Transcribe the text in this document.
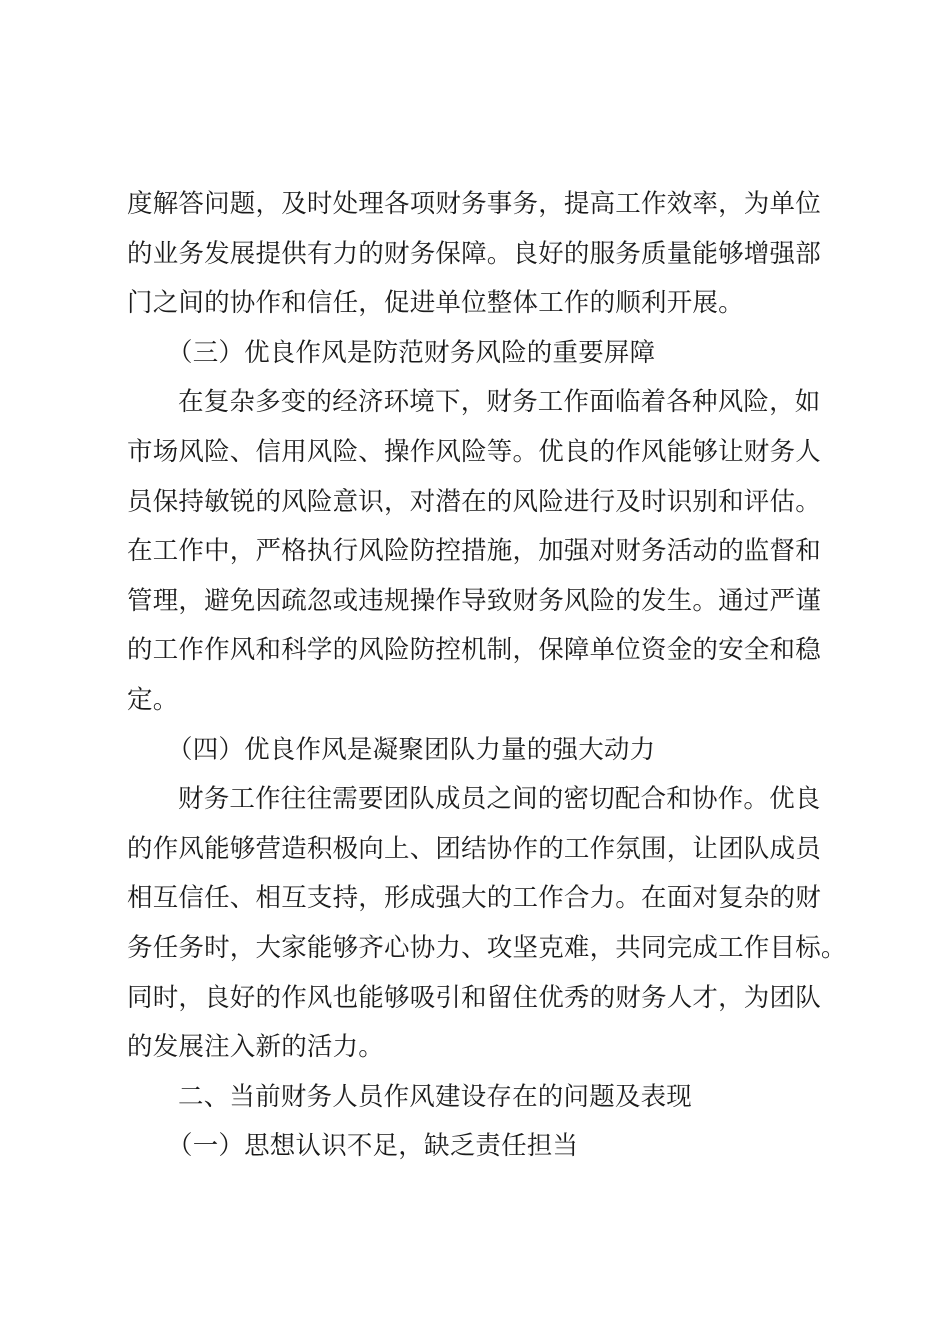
度解答问题，及时处理各项财务事务，提高工作效率，为单位
的业务发展提供有力的财务保障。良好的服务质量能够增强部
门之间的协作和信任，促进单位整体工作的顺利开展。
（三）优良作风是防范财务风险的重要屏障
在复杂多变的经济环境下，财务工作面临着各种风险，如
市场风险、信用风险、操作风险等。优良的作风能够让财务人
员保持敏锐的风险意识，对潜在的风险进行及时识别和评估。
在工作中，严格执行风险防控措施，加强对财务活动的监督和
管理，避免因疏忽或违规操作导致财务风险的发生。通过严谨
的工作作风和科学的风险防控机制，保障单位资金的安全和稳
定。
（四）优良作风是凝聚团队力量的强大动力
财务工作往往需要团队成员之间的密切配合和协作。优良
的作风能够营造积极向上、团结协作的工作氛围，让团队成员
相互信任、相互支持，形成强大的工作合力。在面对复杂的财
务任务时，大家能够齐心协力、攻坚克难，共同完成工作目标。
同时，良好的作风也能够吸引和留住优秀的财务人才，为团队
的发展注入新的活力。
二、当前财务人员作风建设存在的问题及表现
（一）思想认识不足，缺乏责任担当
